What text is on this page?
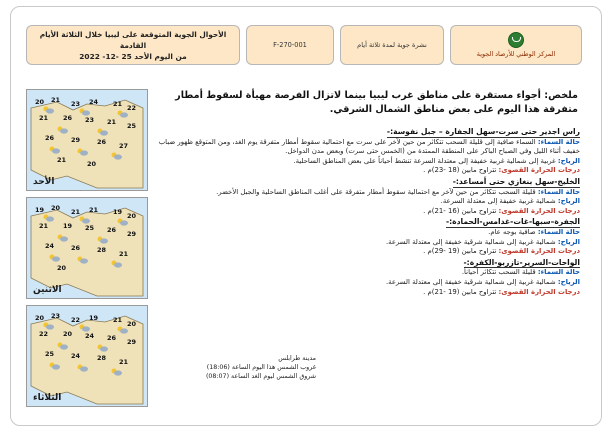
الأحوال الجوية المتوقعة على ليبيا خلال الثلاثة الأيام القادمة
من اليوم الأحد 25 -12- 2022
F-270-001	نشرة جوية لمدة ثلاثة أيام
المركز الوطني للأرصاد الجوية
ملخص: أجواء مستقرة على مناطق غرب ليبيا بينما لاتزال الفرصة مهيأة لسقوط أمطار متفرقة هذا اليوم على بعض مناطق الشمال الشرقي.
الأحد
20 21 23 24 21 22
21 26 23 21 25
26	29	26 27
21	20
الاثنين
19 20 21 21 19 20
21 19 25 26 29
24	26	28 21
20
الثلاثاء
20 23 22 19 21 20
22 20 24 26 29
25	24	28 21
راس اجدير حتى سرت-سهل الجفارة – جبل نفوسة:-
حالة السماء: السماء صافية إلى قليلة السحب تتكاثر من حين لآخر على سرت مع احتمالية سقوط أمطار متفرقة يوم الغد، ومن المتوقع ظهور ضباب خفيف أثناء الليل وفي الصباح الباكر على المنطقة الممتدة من (الخمس حتى سرت) وبعض مدن الدواخل.
الرياح: غربية إلى شمالية غربية خفيفة إلى معتدلة السرعة تنشط أحياناً على بعض المناطق الساحلية.
درجات الحرارة القصوى: تتراوح مابين (18 -23)م .
الخليج-سهل بنغازي حتى أمساعد:-
حالة السماء: قليلة السحب تتكاثر من حين لآخر مع احتمالية سقوط أمطار متفرقة على أغلب المناطق الساحلية والجبل الأخضر.
الرياح: شمالية غربية خفيفة إلى معتدلة السرعة.
درجات الحرارة القصوى: تتراوح مابين (16 -21)م .
الجفرة–سبها-غات-غدامس-الحمادة:-
حالة السماء: صافية بوجه عام.
الرياح: شمالية غربية إلى شمالية شرقية خفيفة إلى معتدلة السرعة.
درجات الحرارة القصوى: تتراوح مابين (19 -29)م .
الواحات-السرير-تازربو-الكفرة:-
حالة السماء: قليلة السحب تتكاثر أحياناً.
الرياح: شمالية غربية إلى شمالية شرقية خفيفة إلى معتدلة السرعة.
درجات الحرارة القصوى: تتراوح مابين (19 -21)م .
مدينة طرابلس
غروب الشمس هذا اليوم الساعة (18:06)
شروق الشمس ليوم الغد الساعة (08:07)
